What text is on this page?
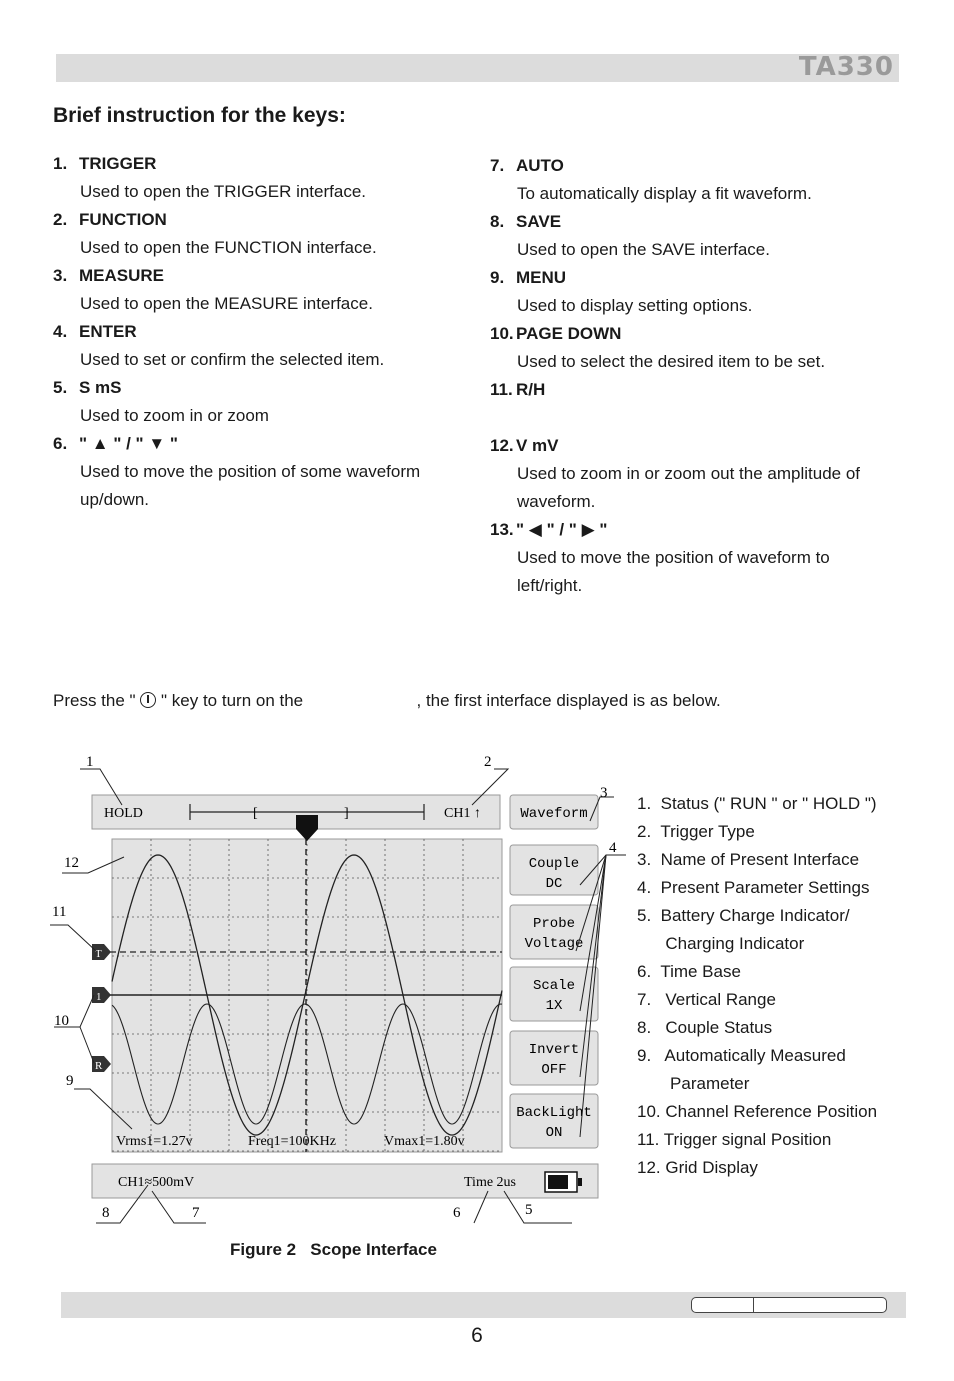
TA330
Brief instruction for the keys:
1. TRIGGER
Used to open the TRIGGER interface.
2. FUNCTION
Used to open the FUNCTION interface.
3. MEASURE
Used to open the MEASURE interface.
4. ENTER
Used to set or confirm the selected item.
5. S mS
Used to zoom in or zoom
6. " ▲ " / " ▼ "
Used to move the position of some waveform
up/down.
7. AUTO
To automatically display a fit waveform.
8. SAVE
Used to open the SAVE interface.
9. MENU
Used to display setting options.
10. PAGE DOWN
Used to select the desired item to be set.
11. R/H
12. V mV
Used to zoom in or zoom out the amplitude of
waveform.
13. " ◀ " / " ▶ "
Used to move the position of waveform to
left/right.
Press the "  " key to turn on the	, the first interface displayed is as below.
HOLD	[	]	CH1 ↑
T
1
R
Vrms1=1.27v	Freq1=100KHz	Vmax1=1.80v
Waveform
Couple
DC
Probe
Voltage
Scale
1X
Invert
OFF
BackLight
ON
CH1≈500mV	Time 2us
1	2
3
4
5
6
7
8
9
10
11
12
1.  Status (" RUN " or " HOLD ")
2.  Trigger Type
3.  Name of Present Interface
4.  Present Parameter Settings
5.  Battery Charge Indicator/
Charging Indicator
6.  Time Base
7.   Vertical Range
8.   Couple Status
9.   Automatically Measured
Parameter
10. Channel Reference Position
11. Trigger signal Position
12. Grid Display
Figure 2   Scope Interface
6
